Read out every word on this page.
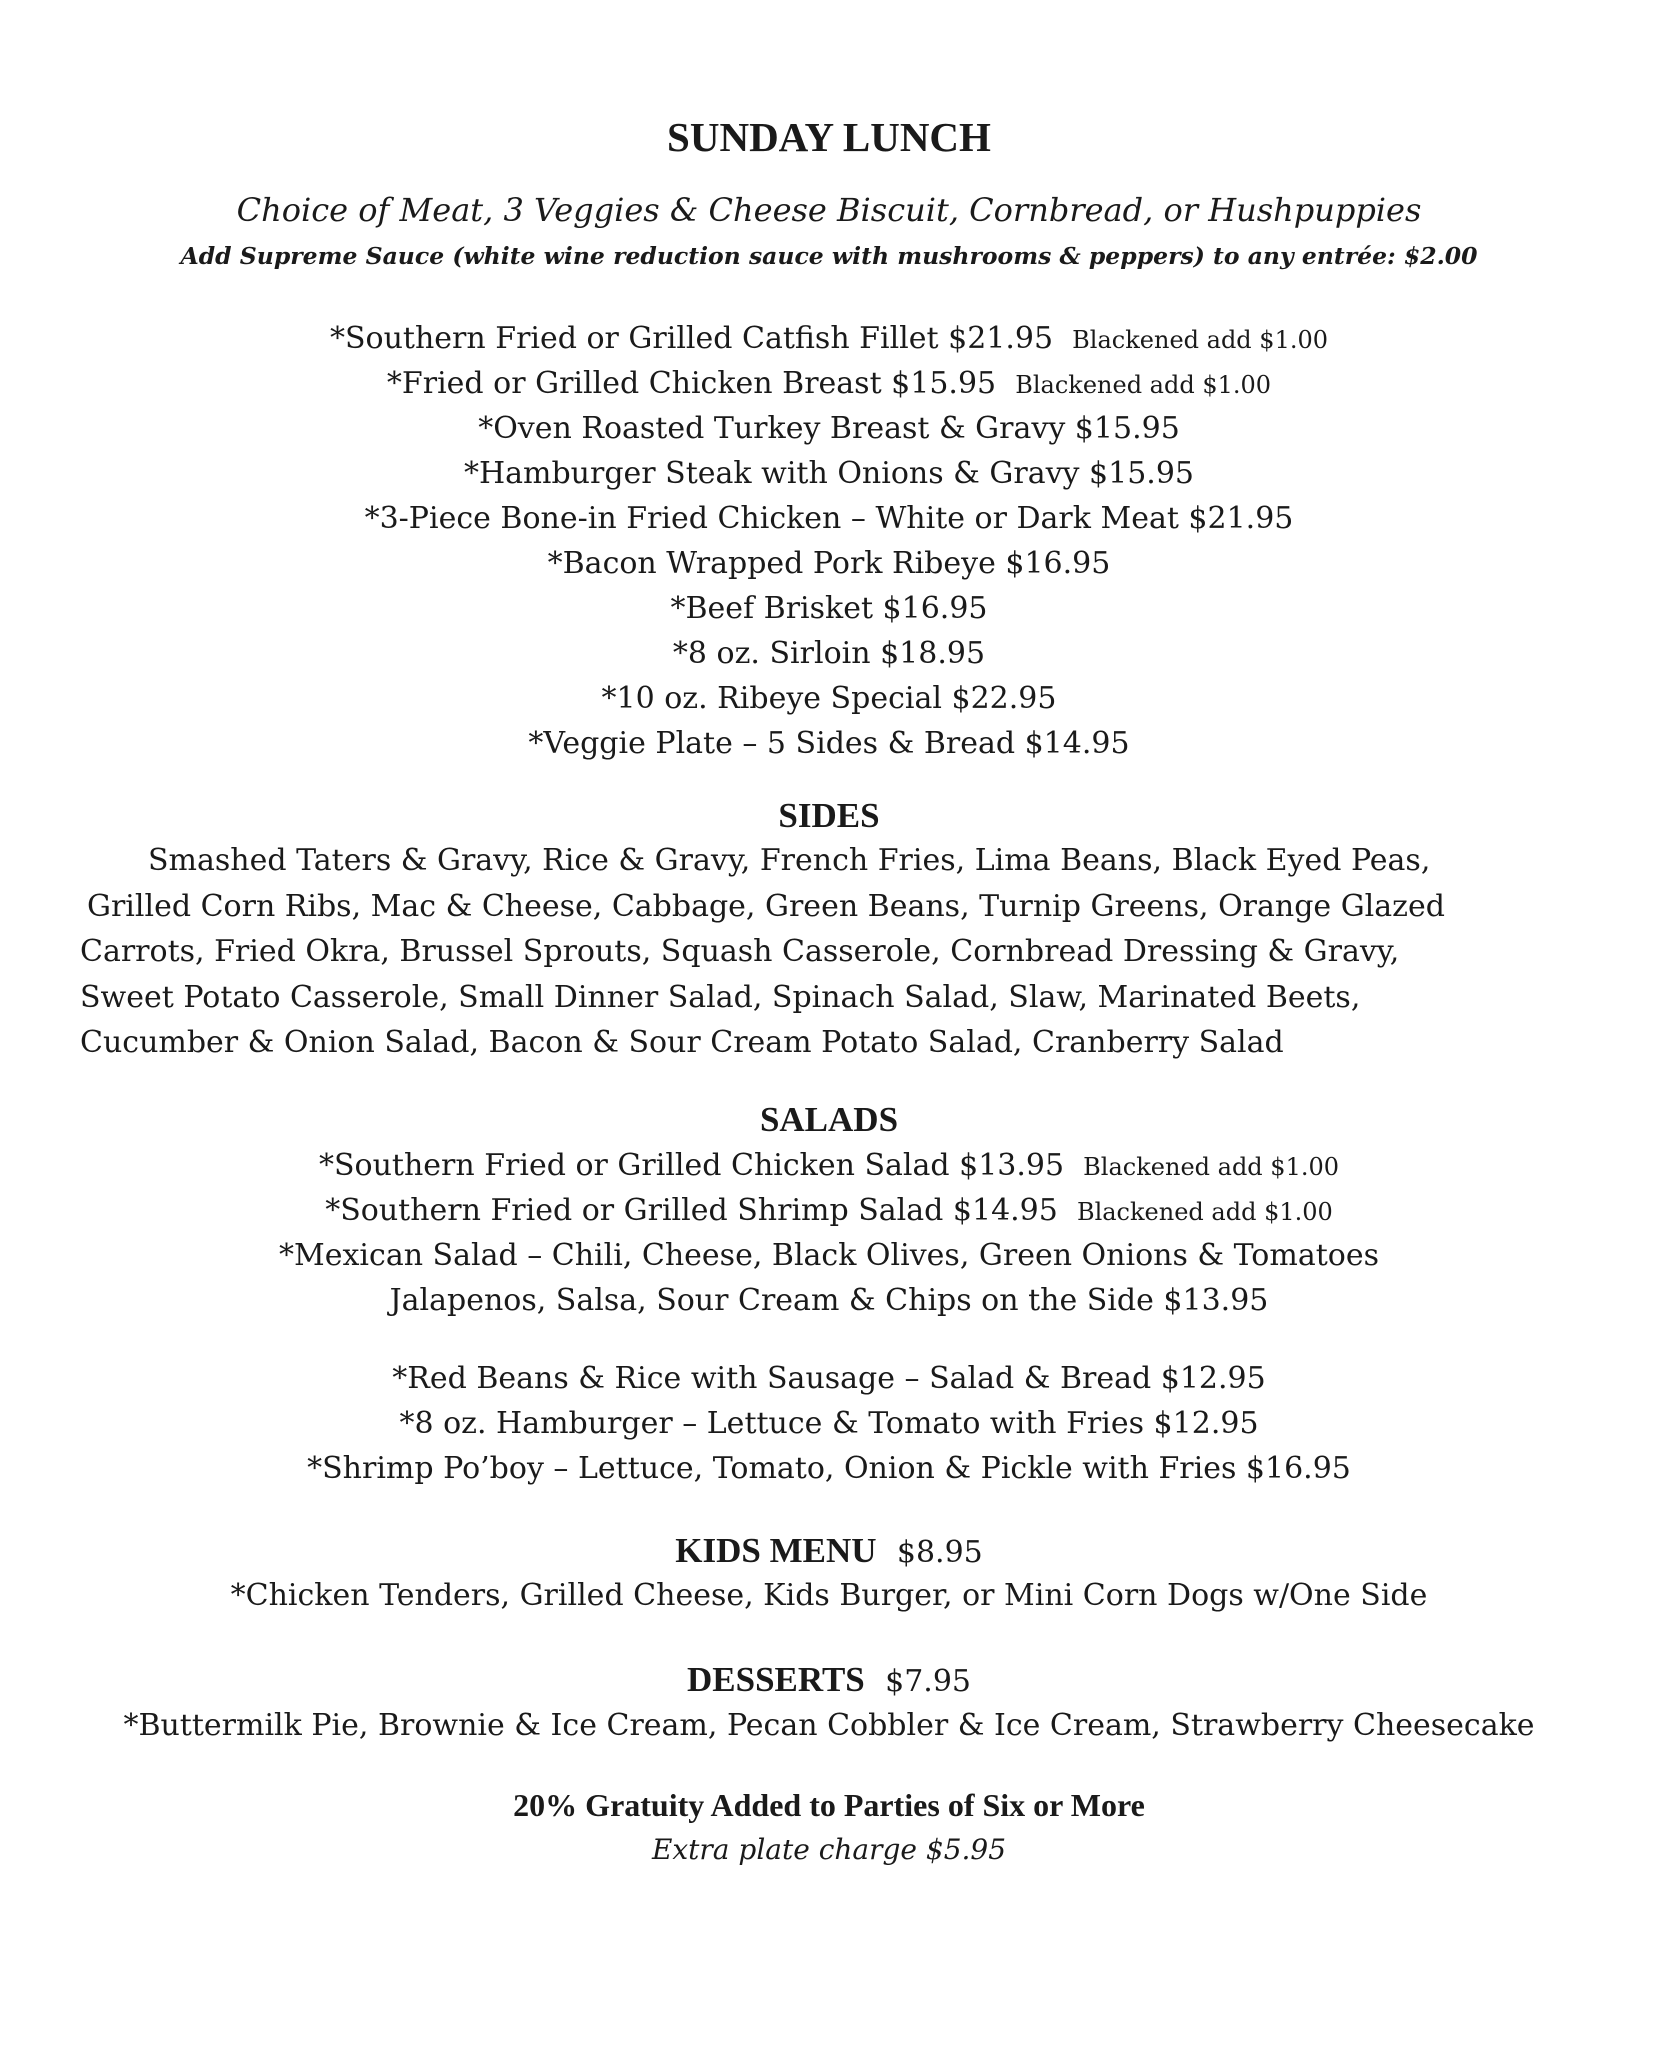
SUNDAY LUNCH
Choice of Meat, 3 Veggies & Cheese Biscuit, Cornbread, or Hushpuppies
Add Supreme Sauce (white wine reduction sauce with mushrooms & peppers) to any entrée: $2.00
*Southern Fried or Grilled Catfish Fillet $21.95 Blackened add $1.00
*Fried or Grilled Chicken Breast $15.95 Blackened add $1.00
*Oven Roasted Turkey Breast & Gravy $15.95
*Hamburger Steak with Onions & Gravy $15.95
*3-Piece Bone-in Fried Chicken – White or Dark Meat $21.95
*Bacon Wrapped Pork Ribeye $16.95
*Beef Brisket $16.95
*8 oz. Sirloin $18.95
*10 oz. Ribeye Special $22.95
*Veggie Plate – 5 Sides & Bread $14.95
SIDES
Smashed Taters & Gravy, Rice & Gravy, French Fries, Lima Beans, Black Eyed Peas,
Grilled Corn Ribs, Mac & Cheese, Cabbage, Green Beans, Turnip Greens, Orange Glazed
Carrots, Fried Okra, Brussel Sprouts, Squash Casserole, Cornbread Dressing & Gravy,
Sweet Potato Casserole, Small Dinner Salad, Spinach Salad, Slaw, Marinated Beets,
Cucumber & Onion Salad, Bacon & Sour Cream Potato Salad, Cranberry Salad
SALADS
*Southern Fried or Grilled Chicken Salad $13.95 Blackened add $1.00
*Southern Fried or Grilled Shrimp Salad $14.95 Blackened add $1.00
*Mexican Salad – Chili, Cheese, Black Olives, Green Onions & Tomatoes
Jalapenos, Salsa, Sour Cream & Chips on the Side $13.95
*Red Beans & Rice with Sausage – Salad & Bread $12.95
*8 oz. Hamburger – Lettuce & Tomato with Fries $12.95
*Shrimp Po’boy – Lettuce, Tomato, Onion & Pickle with Fries $16.95
KIDS MENU $8.95
*Chicken Tenders, Grilled Cheese, Kids Burger, or Mini Corn Dogs w/One Side
DESSERTS $7.95
*Buttermilk Pie, Brownie & Ice Cream, Pecan Cobbler & Ice Cream, Strawberry Cheesecake
20% Gratuity Added to Parties of Six or More
Extra plate charge $5.95
